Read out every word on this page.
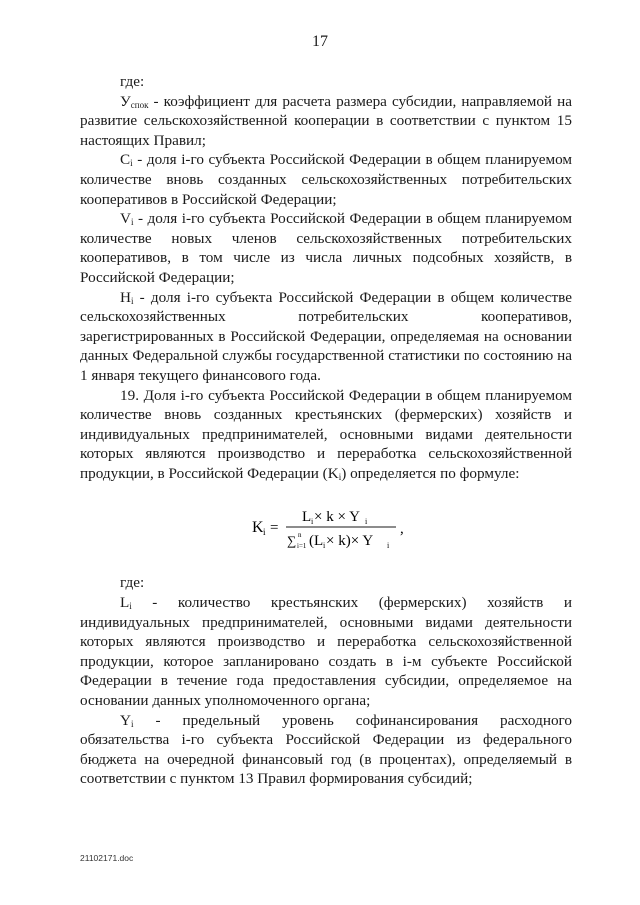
17

где:

$У_{спок}$ - коэффициент для расчета размера субсидии, направляемой на развитие сельскохозяйственной кооперации в соответствии с пунктом 15 настоящих Правил;

$C_i$ - доля i-го субъекта Российской Федерации в общем планируемом количестве вновь созданных сельскохозяйственных потребительских кооперативов в Российской Федерации;

$V_i$ - доля i-го субъекта Российской Федерации в общем планируемом количестве новых членов сельскохозяйственных потребительских кооперативов, в том числе из числа личных подсобных хозяйств, в Российской Федерации;

$H_i$ - доля i-го субъекта Российской Федерации в общем количестве сельскохозяйственных потребительских кооперативов, зарегистрированных в Российской Федерации, определяемая на основании данных Федеральной службы государственной статистики по состоянию на 1 января текущего финансового года.

19. Доля i-го субъекта Российской Федерации в общем планируемом количестве вновь созданных крестьянских (фермерских) хозяйств и индивидуальных предпринимателей, основными видами деятельности которых являются производство и переработка сельскохозяйственной продукции, в Российской Федерации $(K_i)$ определяется по формуле:

K i =
L i × k × Y i
∑ n
i=1 (L i × k)× Y i
,

где:

$L_i$ - количество крестьянских (фермерских) хозяйств и индивидуальных предпринимателей, основными видами деятельности которых являются производство и переработка сельскохозяйственной продукции, которое запланировано создать в i-м субъекте Российской Федерации в течение года предоставления субсидии, определяемое на основании данных уполномоченного органа;

$Y_i$ - предельный уровень софинансирования расходного обязательства i-го субъекта Российской Федерации из федерального бюджета на очередной финансовый год (в процентах), определяемый в соответствии с пунктом 13 Правил формирования субсидий;

21102171.doc
